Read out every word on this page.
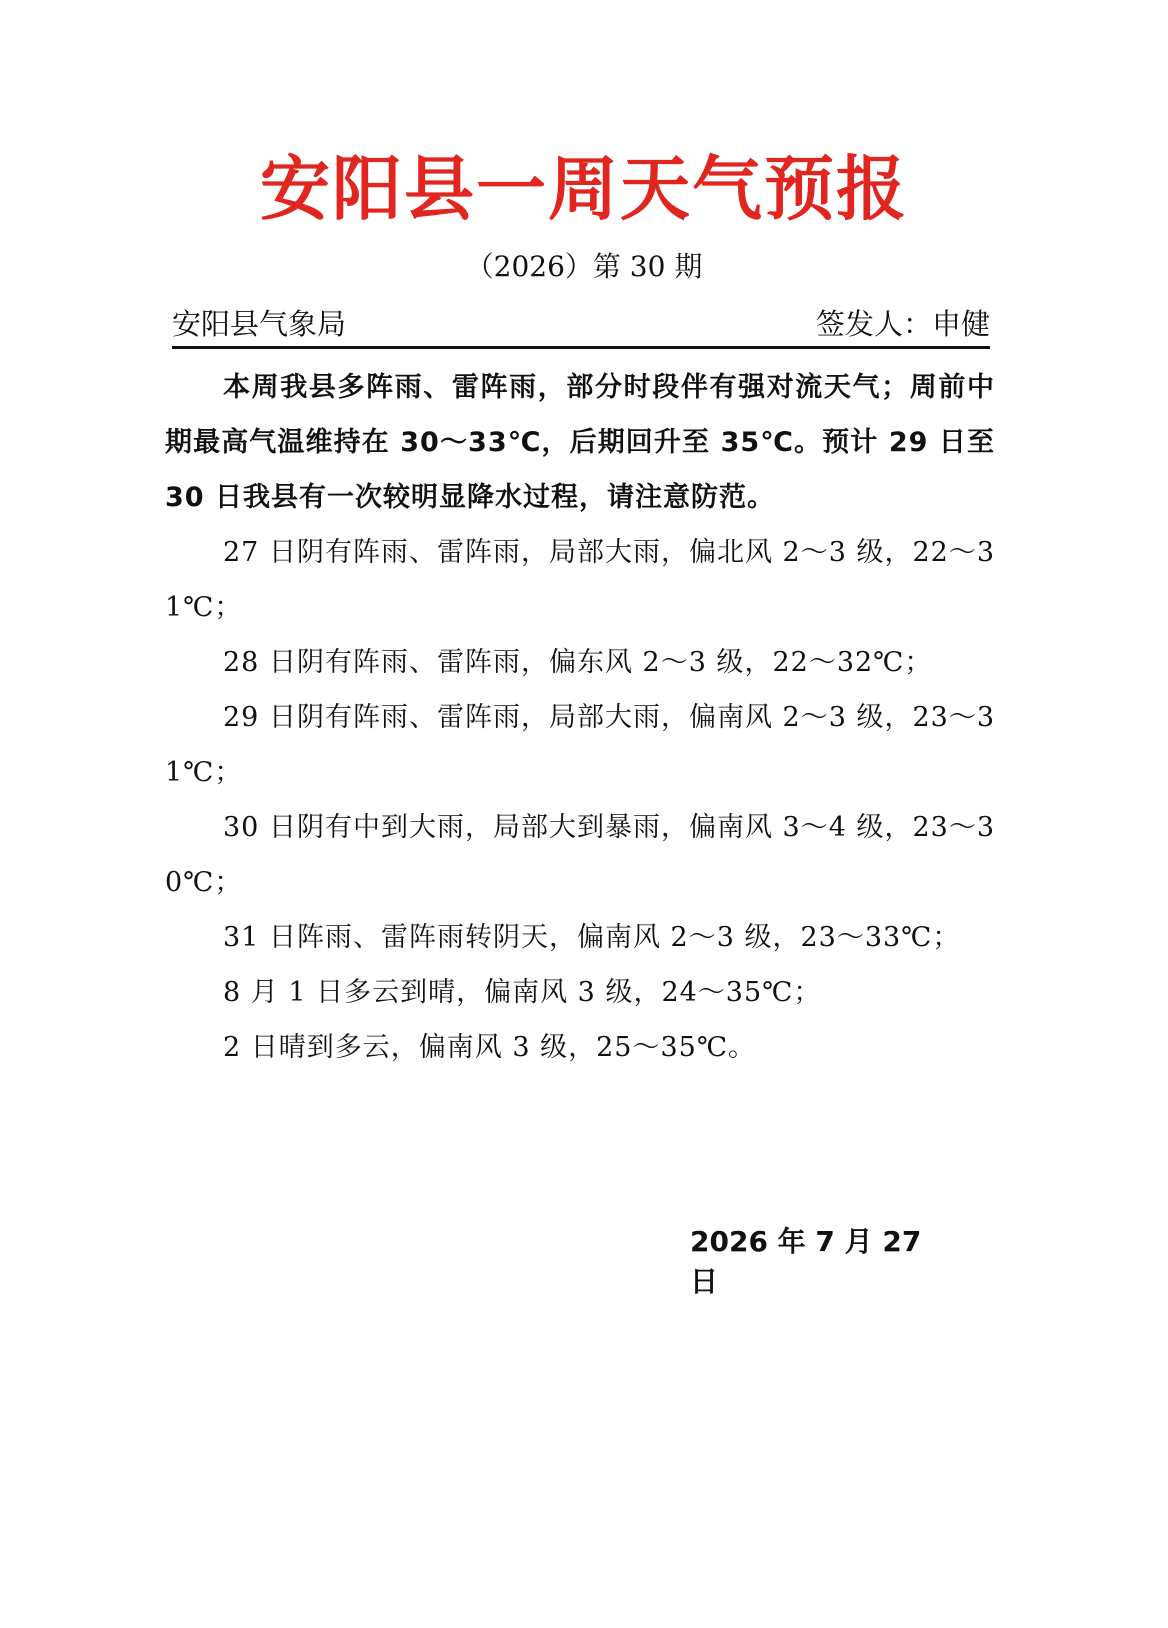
安阳县一周天气预报
（2026）第 30 期
安阳县气象局	签发人：申健

本周我县多阵雨、雷阵雨，部分时段伴有强对流天气；周前中期最高气温维持在 30～33℃，后期回升至 35℃。预计 29 日至 30 日我县有一次较明显降水过程，请注意防范。

27 日阴有阵雨、雷阵雨，局部大雨，偏北风 2～3 级，22～31℃；

28 日阴有阵雨、雷阵雨，偏东风 2～3 级，22～32℃；

29 日阴有阵雨、雷阵雨，局部大雨，偏南风 2～3 级，23～31℃；

30 日阴有中到大雨，局部大到暴雨，偏南风 3～4 级，23～30℃；

31 日阵雨、雷阵雨转阴天，偏南风 2～3 级，23～33℃；

8 月 1 日多云到晴，偏南风 3 级，24～35℃；

2 日晴到多云，偏南风 3 级，25～35℃。

2026 年 7 月 27 日
